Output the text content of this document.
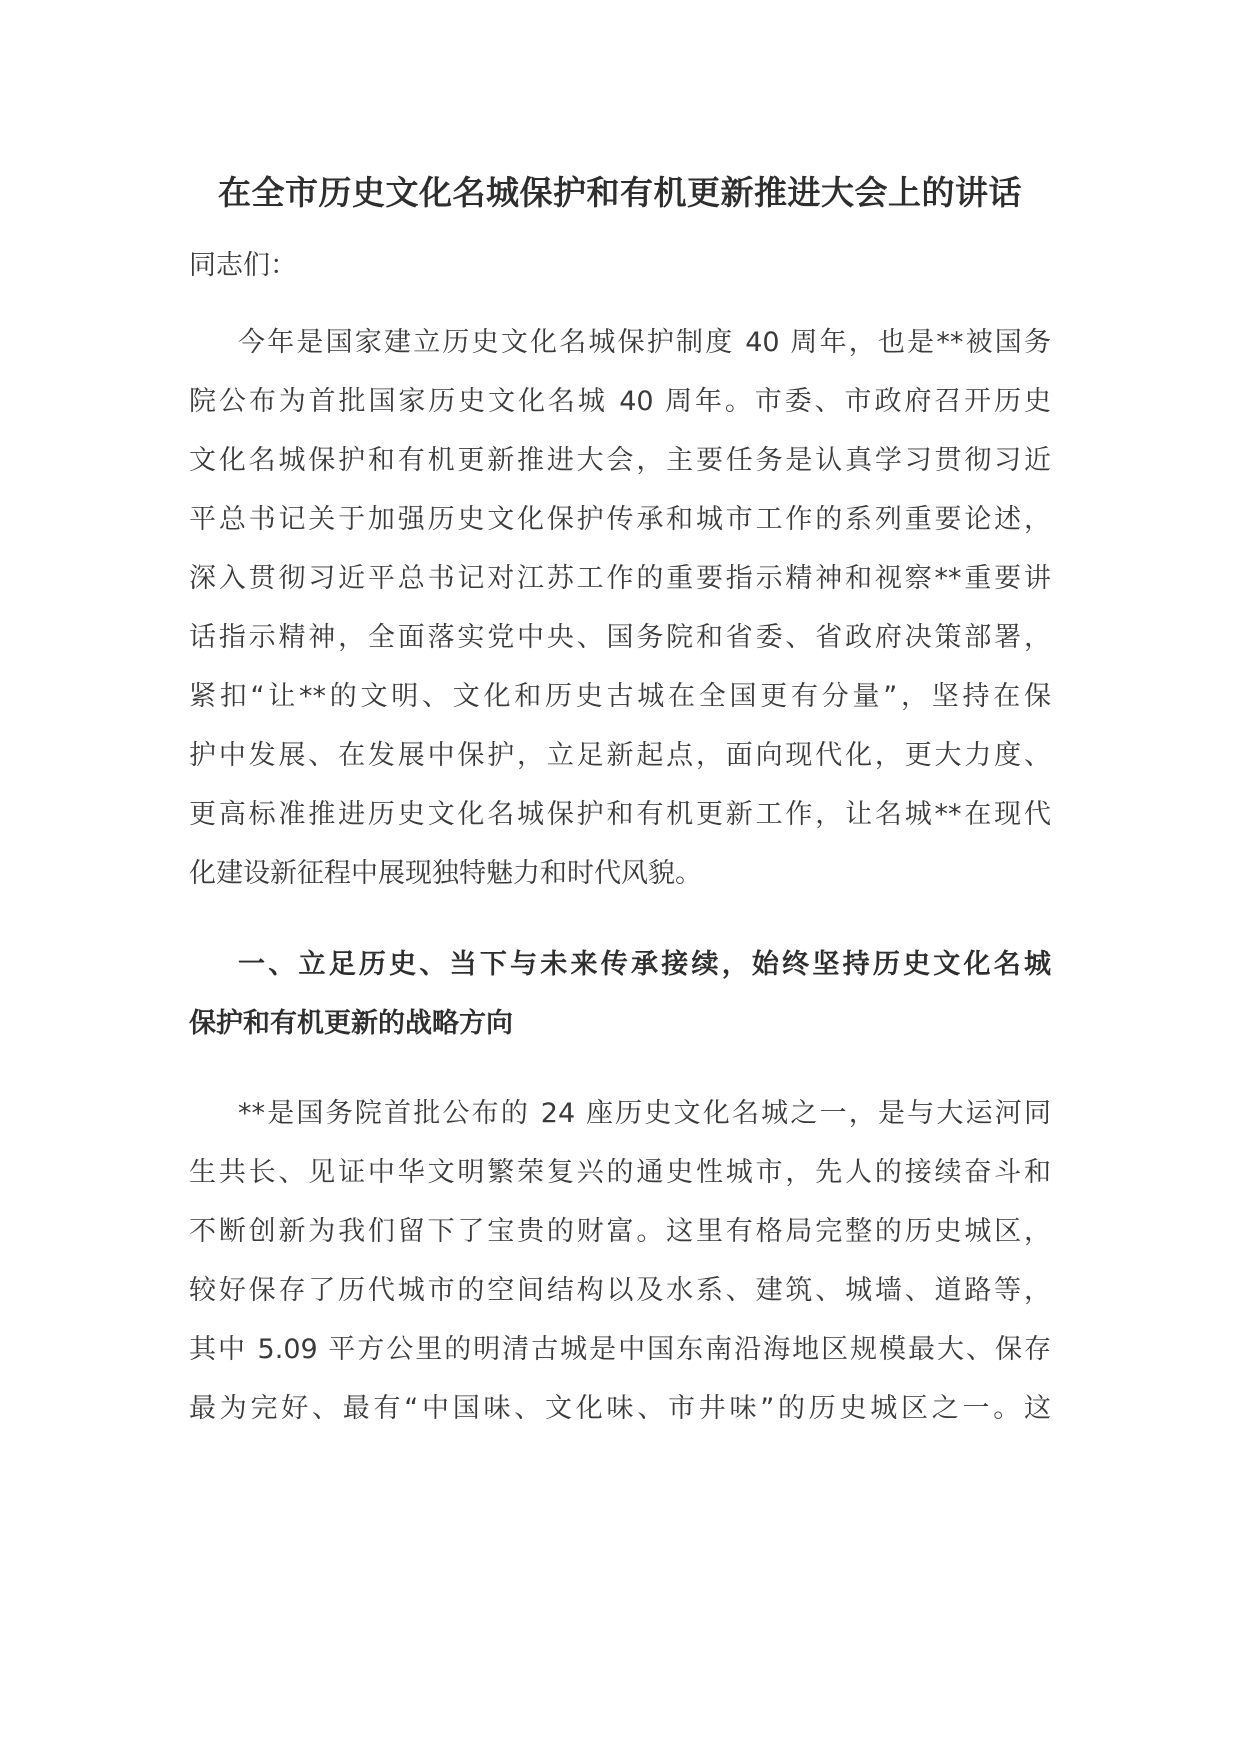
在全市历史文化名城保护和有机更新推进大会上的讲话
同志们：
今年是国家建立历史文化名城保护制度 40 周年，也是**被国务
院公布为首批国家历史文化名城 40 周年。市委、市政府召开历史
文化名城保护和有机更新推进大会，主要任务是认真学习贯彻习近
平总书记关于加强历史文化保护传承和城市工作的系列重要论述，
深入贯彻习近平总书记对江苏工作的重要指示精神和视察**重要讲
话指示精神，全面落实党中央、国务院和省委、省政府决策部署，
紧扣“让**的文明、文化和历史古城在全国更有分量”，坚持在保
护中发展、在发展中保护，立足新起点，面向现代化，更大力度、
更高标准推进历史文化名城保护和有机更新工作，让名城**在现代
化建设新征程中展现独特魅力和时代风貌。
一、立足历史、当下与未来传承接续，始终坚持历史文化名城
保护和有机更新的战略方向
**是国务院首批公布的 24 座历史文化名城之一，是与大运河同
生共长、见证中华文明繁荣复兴的通史性城市，先人的接续奋斗和
不断创新为我们留下了宝贵的财富。这里有格局完整的历史城区，
较好保存了历代城市的空间结构以及水系、建筑、城墙、道路等，
其中 5.09 平方公里的明清古城是中国东南沿海地区规模最大、保存
最为完好、最有“中国味、文化味、市井味”的历史城区之一。这
